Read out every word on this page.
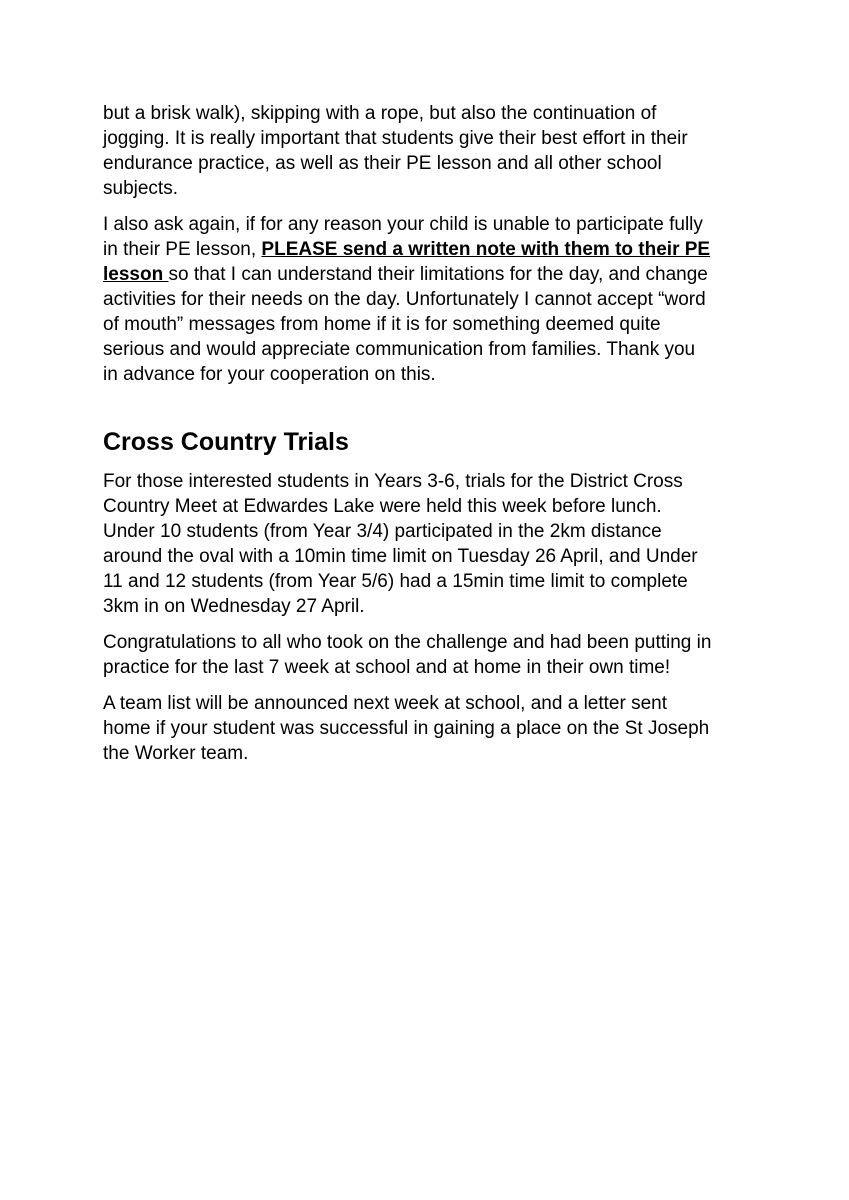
but a brisk walk), skipping with a rope, but also the continuation of
jogging. It is really important that students give their best effort in their
endurance practice, as well as their PE lesson and all other school
subjects.

I also ask again, if for any reason your child is unable to participate fully
in their PE lesson, PLEASE send a written note with them to their PE
lesson so that I can understand their limitations for the day, and change
activities for their needs on the day. Unfortunately I cannot accept “word
of mouth” messages from home if it is for something deemed quite
serious and would appreciate communication from families. Thank you
in advance for your cooperation on this.

Cross Country Trials

For those interested students in Years 3-6, trials for the District Cross
Country Meet at Edwardes Lake were held this week before lunch.
Under 10 students (from Year 3/4) participated in the 2km distance
around the oval with a 10min time limit on Tuesday 26 April, and Under
11 and 12 students (from Year 5/6) had a 15min time limit to complete
3km in on Wednesday 27 April.

Congratulations to all who took on the challenge and had been putting in
practice for the last 7 week at school and at home in their own time!

A team list will be announced next week at school, and a letter sent
home if your student was successful in gaining a place on the St Joseph
the Worker team.
